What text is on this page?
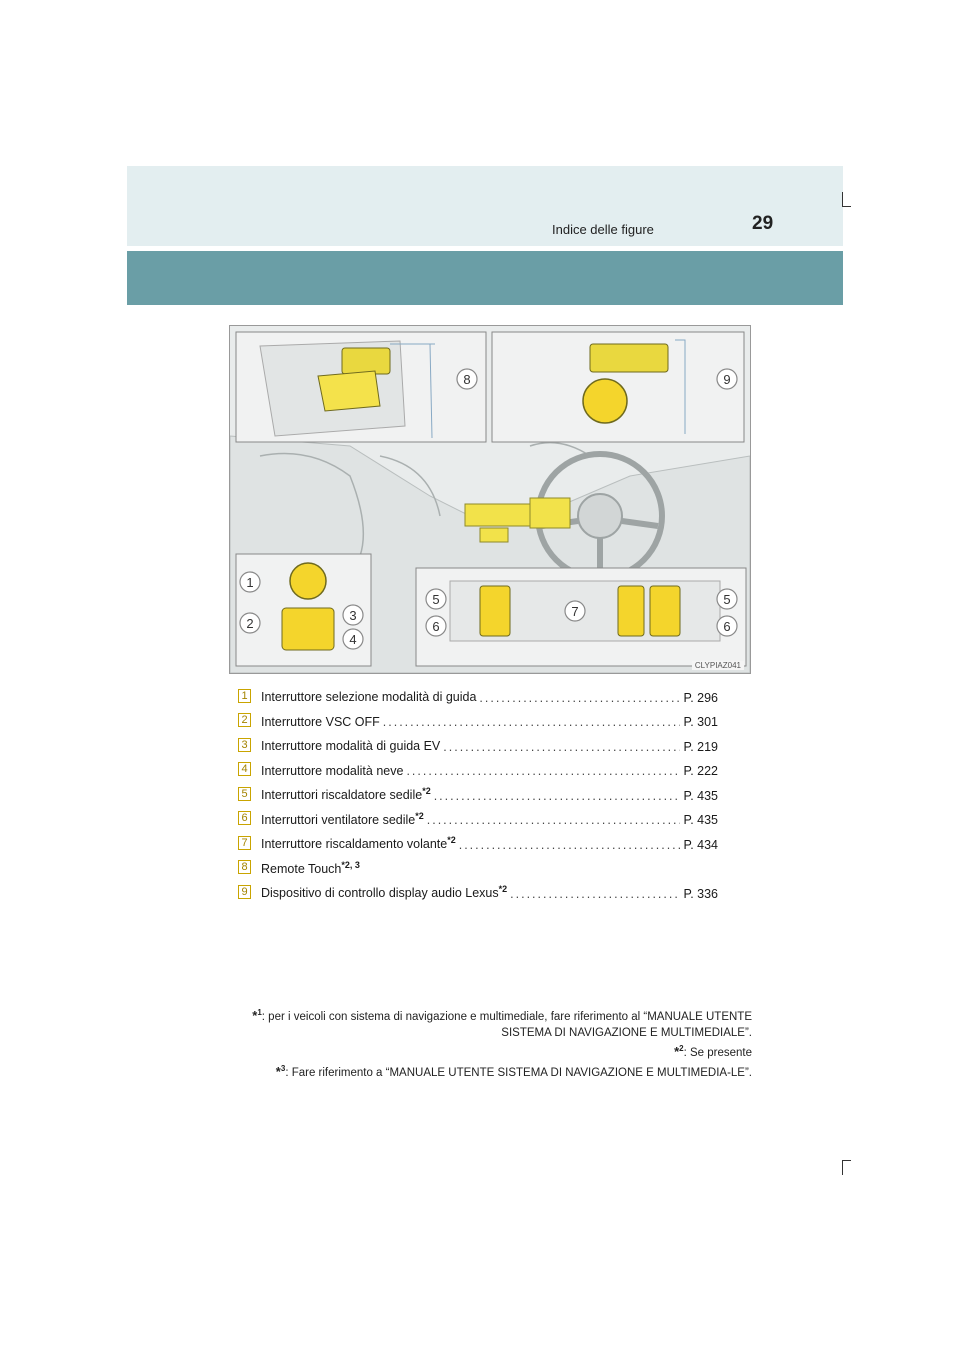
Indice delle figure	29
8	9
1
2
3
4
5	5
6	6
7
CLYPIAZ041
1 Interruttore selezione modalità di guida .....	P. 296
2 Interruttore VSC OFF .....	P. 301
3 Interruttore modalità di guida EV .....	P. 219
4 Interruttore modalità neve .....	P. 222
5 Interruttori riscaldatore sedile$^{*2}$ .....	P. 435
6 Interruttori ventilatore sedile$^{*2}$ .....	P. 435
7 Interruttore riscaldamento volante$^{*2}$ .....	P. 434
8 Remote Touch$^{*2, 3}$
9 Dispositivo di controllo display audio Lexus$^{*2}$ .....	P. 336
*$^1$: per i veicoli con sistema di navigazione e multimediale, fare riferimento al “MANUALE UTENTE SISTEMA DI NAVIGAZIONE E MULTIMEDIALE”.
*$^2$: Se presente
*$^3$: Fare riferimento a “MANUALE UTENTE SISTEMA DI NAVIGAZIONE E MULTIMEDIA-LE”.
